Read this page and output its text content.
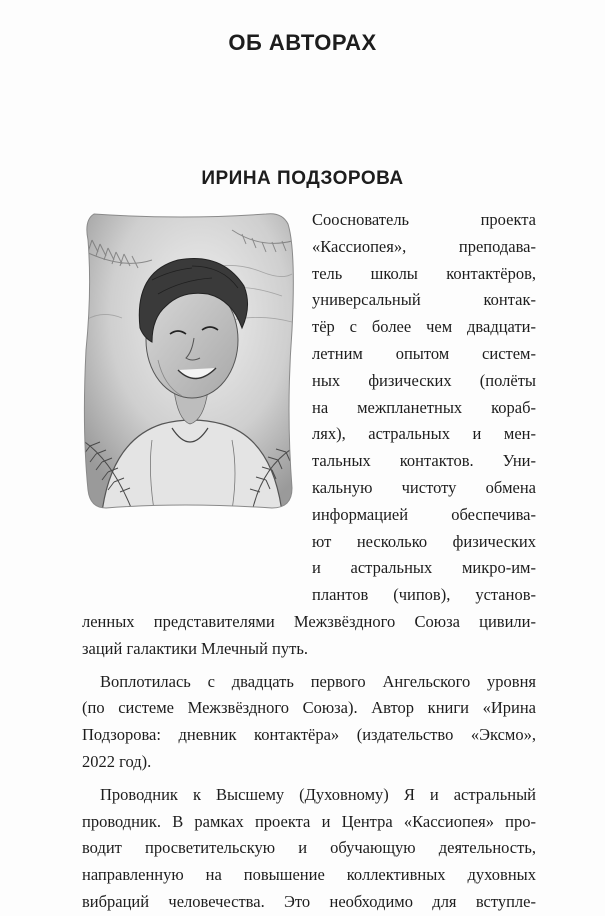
ОБ АВТОРАХ
ИРИНА ПОДЗОРОВА
Сооснователь проекта
«Кассиопея», преподава-
тель школы контактёров,
универсальный контак-
тёр с более чем двадцати-
летним опытом систем-
ных физических (полёты
на межпланетных кораб-
лях), астральных и мен-
тальных контактов. Уни-
кальную чистоту обмена
информацией обеспечива-
ют несколько физических
и астральных микро-им-
плантов (чипов), установ-
ленных представителями Межзвёздного Союза цивили-
заций галактики Млечный путь.
Воплотилась с двадцать первого Ангельского уровня
(по системе Межзвёздного Союза). Автор книги «Ирина
Подзорова: дневник контактёра» (издательство «Эксмо»,
2022 год).
Проводник к Высшему (Духовному) Я и астральный
проводник. В рамках проекта и Центра «Кассиопея» про-
водит просветительскую и обучающую деятельность,
направленную на повышение коллективных духовных
вибраций человечества. Это необходимо для вступле-
